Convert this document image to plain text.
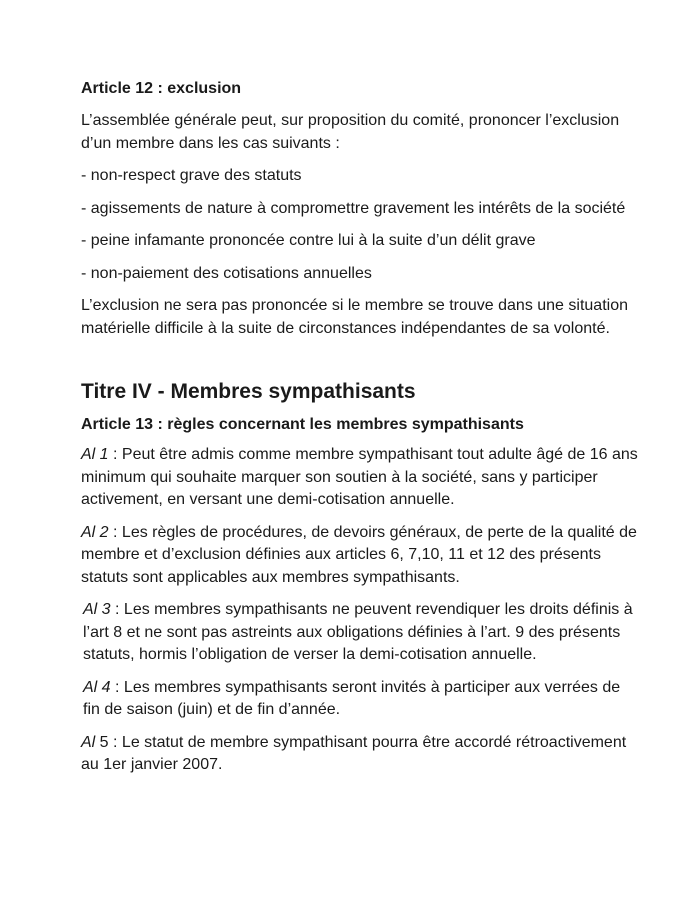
Article 12 : exclusion
L’assemblée générale peut, sur proposition du comité, prononcer l’exclusion d’un membre dans les cas suivants :
- non-respect grave des statuts
- agissements de nature à compromettre gravement les intérêts de la société
- peine infamante prononcée contre lui à la suite d’un délit grave
- non-paiement des cotisations annuelles
L’exclusion ne sera pas prononcée si le membre se trouve dans une situation matérielle difficile à la suite de circonstances indépendantes de sa volonté.
Titre IV - Membres sympathisants
Article 13 : règles concernant les membres sympathisants
Al 1 : Peut être admis comme membre sympathisant tout adulte âgé de 16 ans minimum qui souhaite marquer son soutien à la société, sans y participer activement, en versant une demi-cotisation annuelle.
Al 2 : Les règles de procédures, de devoirs généraux, de perte de la qualité de membre et d’exclusion définies aux articles 6, 7,10, 11 et 12 des présents statuts sont applicables aux membres sympathisants.
Al 3 : Les membres sympathisants ne peuvent revendiquer les droits définis à l’art 8 et ne sont pas astreints aux obligations définies à l’art. 9 des présents statuts, hormis l’obligation de verser la demi-cotisation annuelle.
Al 4 : Les membres sympathisants seront invités à participer aux verrées de fin de saison (juin) et de fin d’année.
Al 5 : Le statut de membre sympathisant pourra être accordé rétroactivement au 1er janvier 2007.
